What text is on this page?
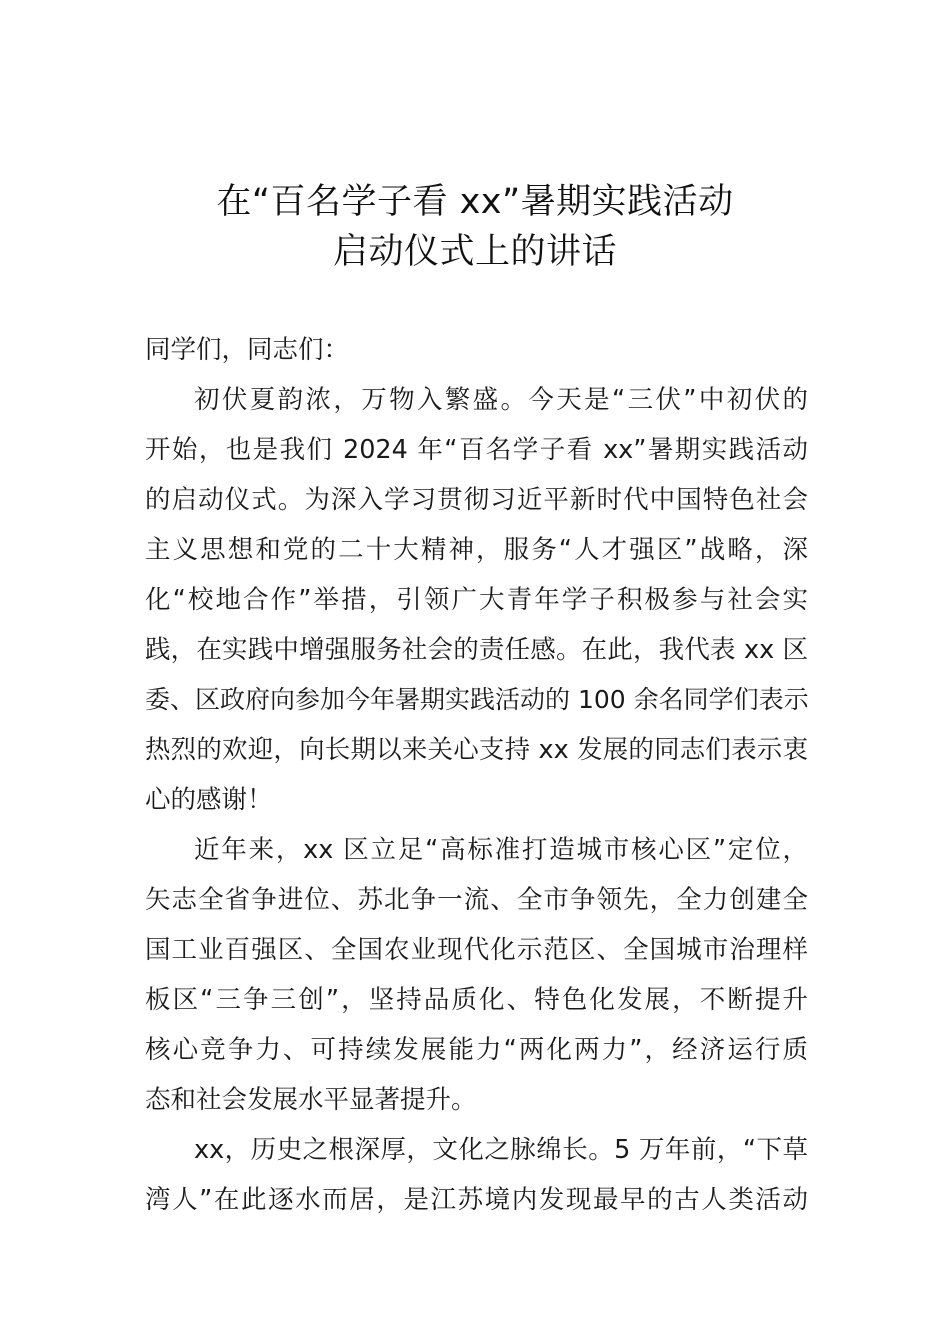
在“百名学子看 xx”暑期实践活动
启动仪式上的讲话
同学们，同志们：
初伏夏韵浓，万物入繁盛。今天是“三伏”中初伏的
开始，也是我们 2024 年“百名学子看 xx”暑期实践活动
的启动仪式。为深入学习贯彻习近平新时代中国特色社会
主义思想和党的二十大精神，服务“人才强区”战略，深
化“校地合作”举措，引领广大青年学子积极参与社会实
践，在实践中增强服务社会的责任感。在此，我代表 xx 区
委、区政府向参加今年暑期实践活动的 100 余名同学们表示
热烈的欢迎，向长期以来关心支持 xx 发展的同志们表示衷
心的感谢！
近年来，xx 区立足“高标准打造城市核心区”定位，
矢志全省争进位、苏北争一流、全市争领先，全力创建全
国工业百强区、全国农业现代化示范区、全国城市治理样
板区“三争三创”，坚持品质化、特色化发展，不断提升
核心竞争力、可持续发展能力“两化两力”，经济运行质
态和社会发展水平显著提升。
xx，历史之根深厚，文化之脉绵长。5 万年前，“下草
湾人”在此逐水而居，是江苏境内发现最早的古人类活动
